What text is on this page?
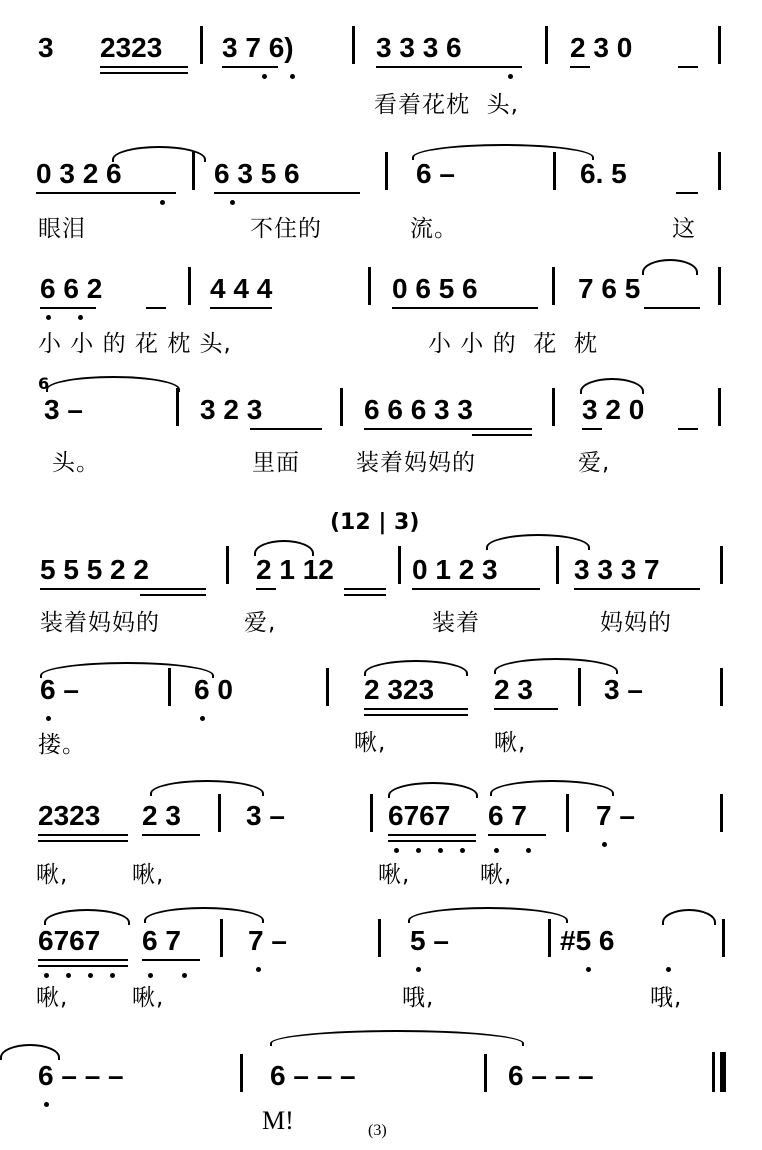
3 2323 3 7 6)	3 3 3 6	2 3 0
看着花枕  头,
0 3 2 6	6 3 5 6	6 –	6. 5
眼泪	不住的	流。	这
6 6 2	4 4 4	0 6 5 6	7 6 5
小 小 的 花 枕 头,	小 小 的  花  枕
6
3 –	3 2 3	6 6 6 3 3	3 2 0
头。	里面 装着妈妈的	爱,
(12 | 3)
5 5 5 2 2	2 1 12	0 1 2 3	3 3 3 7
装着妈妈的	爱,	装着	妈妈的
6 –	6 0	2 323 2 3	3 –
搂。	啾,	啾,
2323 2 3 3 –	6767 6 7 7 –
啾,	啾,	啾,	啾,
6767 6 7 7 –	5 –	#5 6
啾,	啾,	哦,	哦,
6 – – –	6 – – –	6 – – –
M!	(3)
